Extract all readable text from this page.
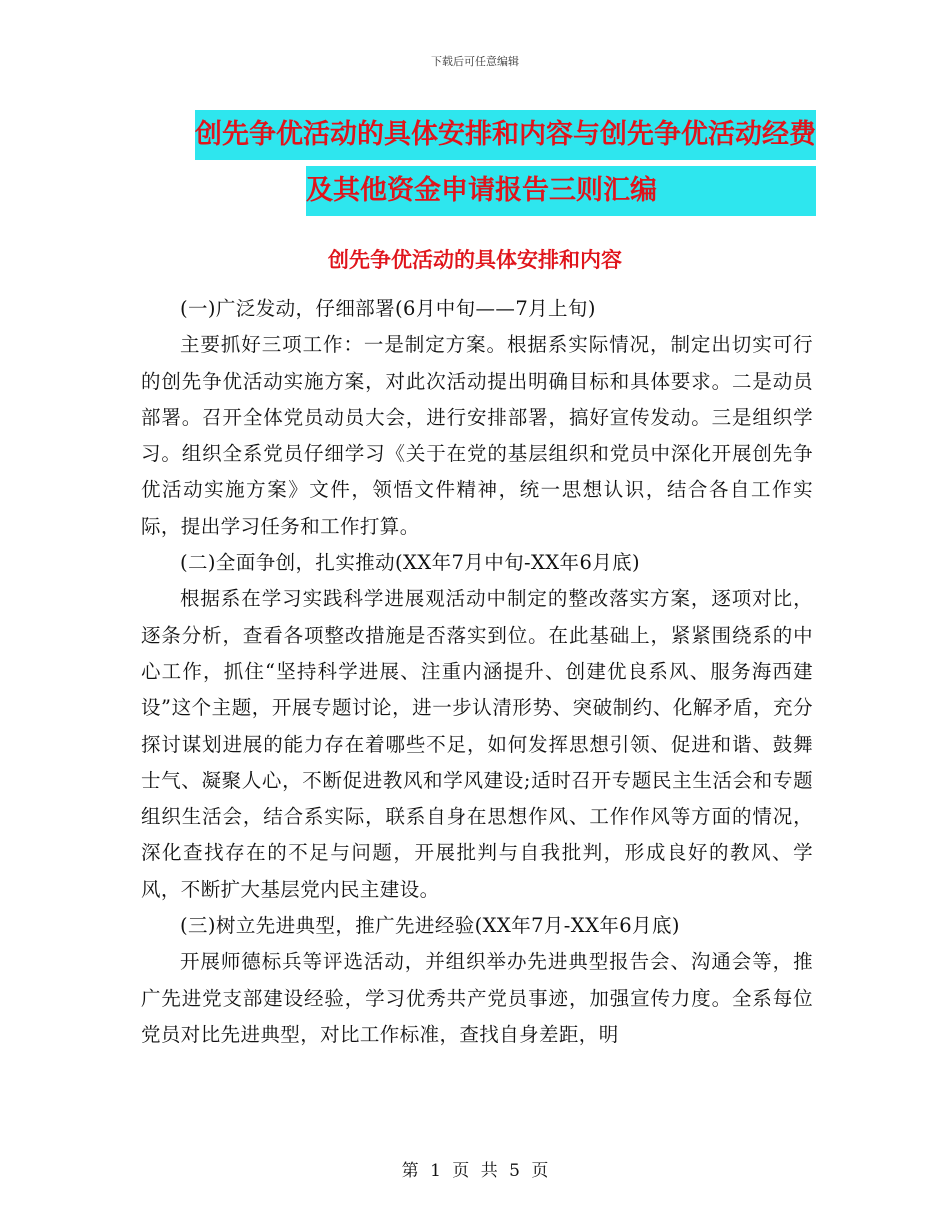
下载后可任意编辑
创先争优活动的具体安排和内容与创先争优活动经费
及其他资金申请报告三则汇编
创先争优活动的具体安排和内容

(一)广泛发动，仔细部署(6月中旬——7月上旬)

主要抓好三项工作：一是制定方案。根据系实际情况，制定出切实可行的创先争优活动实施方案，对此次活动提出明确目标和具体要求。二是动员部署。召开全体党员动员大会，进行安排部署，搞好宣传发动。三是组织学习。组织全系党员仔细学习《关于在党的基层组织和党员中深化开展创先争优活动实施方案》文件，领悟文件精神，统一思想认识，结合各自工作实际，提出学习任务和工作打算。

(二)全面争创，扎实推动(XX年7月中旬-XX年6月底)

根据系在学习实践科学进展观活动中制定的整改落实方案，逐项对比，逐条分析，查看各项整改措施是否落实到位。在此基础上，紧紧围绕系的中心工作，抓住“坚持科学进展、注重内涵提升、创建优良系风、服务海西建设”这个主题，开展专题讨论，进一步认清形势、突破制约、化解矛盾，充分探讨谋划进展的能力存在着哪些不足，如何发挥思想引领、促进和谐、鼓舞士气、凝聚人心，不断促进教风和学风建设;适时召开专题民主生活会和专题组织生活会，结合系实际，联系自身在思想作风、工作作风等方面的情况，深化查找存在的不足与问题，开展批判与自我批判，形成良好的教风、学风，不断扩大基层党内民主建设。

(三)树立先进典型，推广先进经验(XX年7月-XX年6月底)

开展师德标兵等评选活动，并组织举办先进典型报告会、沟通会等，推广先进党支部建设经验，学习优秀共产党员事迹，加强宣传力度。全系每位党员对比先进典型，对比工作标准，查找自身差距，明

第 1 页 共 5 页
